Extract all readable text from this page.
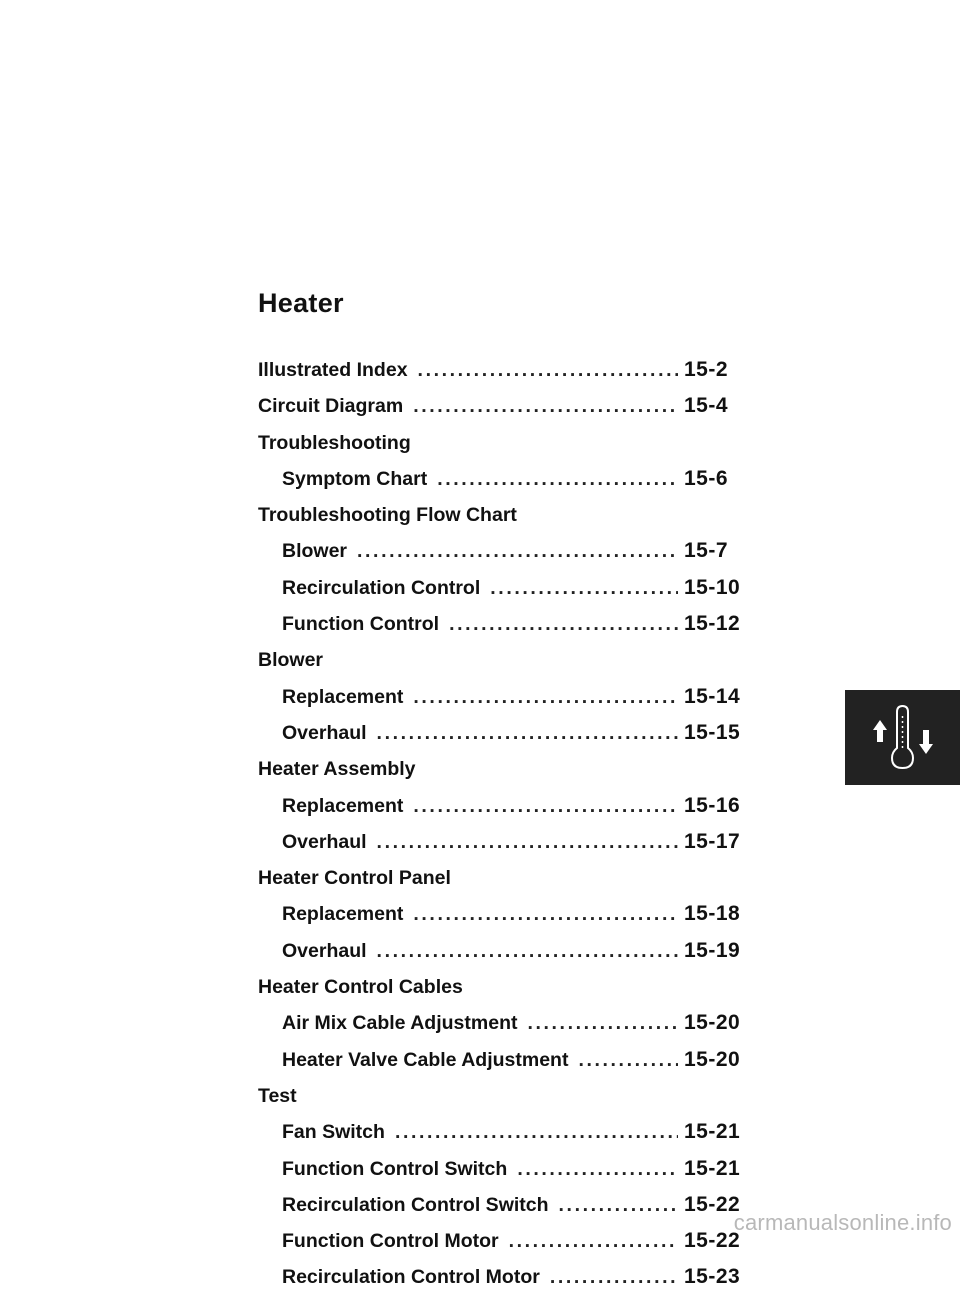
Heater
Illustrated Index .....	15-2
Circuit Diagram .....	15-4
Troubleshooting
Symptom Chart .....	15-6
Troubleshooting Flow Chart
Blower .....	15-7
Recirculation Control .....	15-10
Function Control .....	15-12
Blower
Replacement .....	15-14
Overhaul .....	15-15
Heater Assembly
Replacement .....	15-16
Overhaul .....	15-17
Heater Control Panel
Replacement .....	15-18
Overhaul .....	15-19
Heater Control Cables
Air Mix Cable Adjustment .....	15-20
Heater Valve Cable Adjustment .....	15-20
Test
Fan Switch .....	15-21
Function Control Switch .....	15-21
Recirculation Control Switch .....	15-22
Function Control Motor .....	15-22
Recirculation Control Motor .....	15-23
carmanualsonline.info
